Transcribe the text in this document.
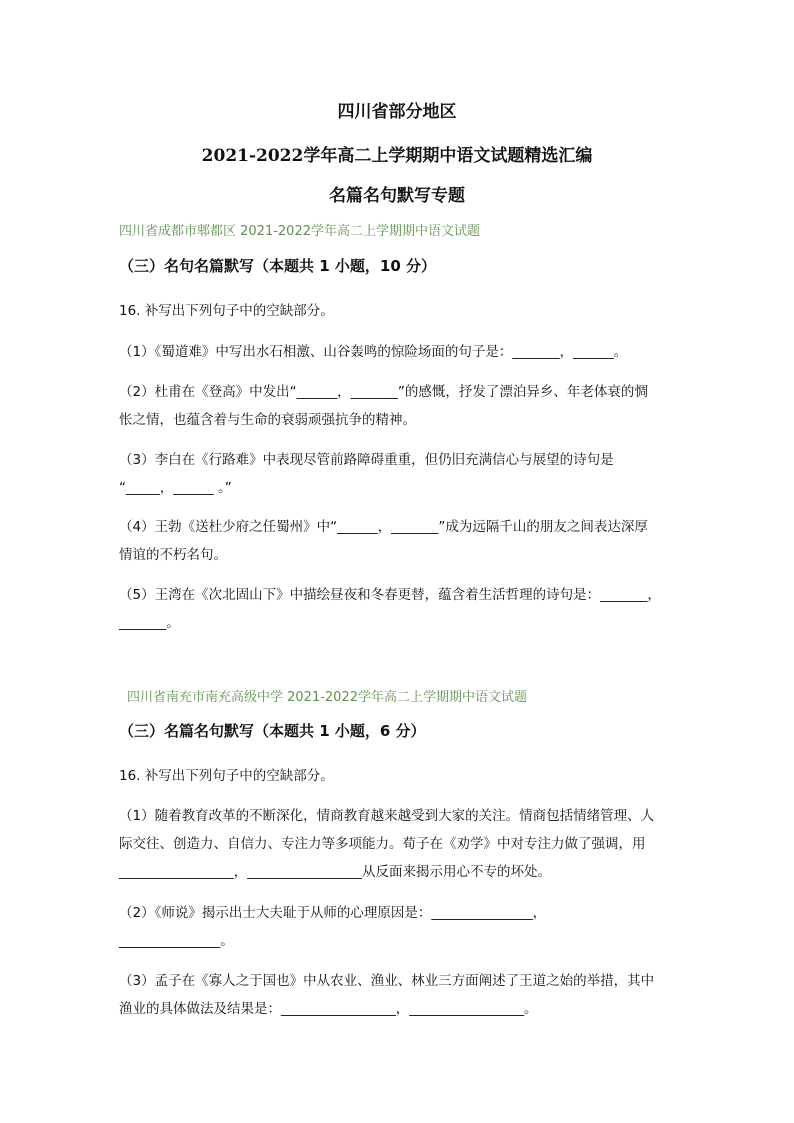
四川省部分地区
2021-2022学年高二上学期期中语文试题精选汇编
名篇名句默写专题
四川省成都市郫都区 2021-2022学年高二上学期期中语文试题
（三）名句名篇默写（本题共 1 小题，10 分）
16. 补写出下列句子中的空缺部分。
（1）《蜀道难》中写出水石相激、山谷轰鸣的惊险场面的句子是：_______，______。
（2）杜甫在《登高》中发出“______，_______”的感慨，抒发了漂泊异乡、年老体衰的惆
怅之情，也蕴含着与生命的衰弱顽强抗争的精神。
（3）李白在《行路难》中表现尽管前路障碍重重，但仍旧充满信心与展望的诗句是
“_____，______ 。”
（4）王勃《送杜少府之任蜀州》中“______，_______”成为远隔千山的朋友之间表达深厚
情谊的不朽名句。
（5）王湾在《次北固山下》中描绘昼夜和冬春更替，蕴含着生活哲理的诗句是：_______，
_______。
四川省南充市南充高级中学 2021-2022学年高二上学期期中语文试题
（三）名篇名句默写（本题共 1 小题，6 分）
16. 补写出下列句子中的空缺部分。
（1）随着教育改革的不断深化，情商教育越来越受到大家的关注。情商包括情绪管理、人
际交往、创造力、自信力、专注力等多项能力。荀子在《劝学》中对专注力做了强调，用
_________________，_________________从反面来揭示用心不专的坏处。
（2）《师说》揭示出士大夫耻于从师的心理原因是：_______________，
_______________。
（3）孟子在《寡人之于国也》中从农业、渔业、林业三方面阐述了王道之始的举措，其中
渔业的具体做法及结果是：_________________，_________________。
